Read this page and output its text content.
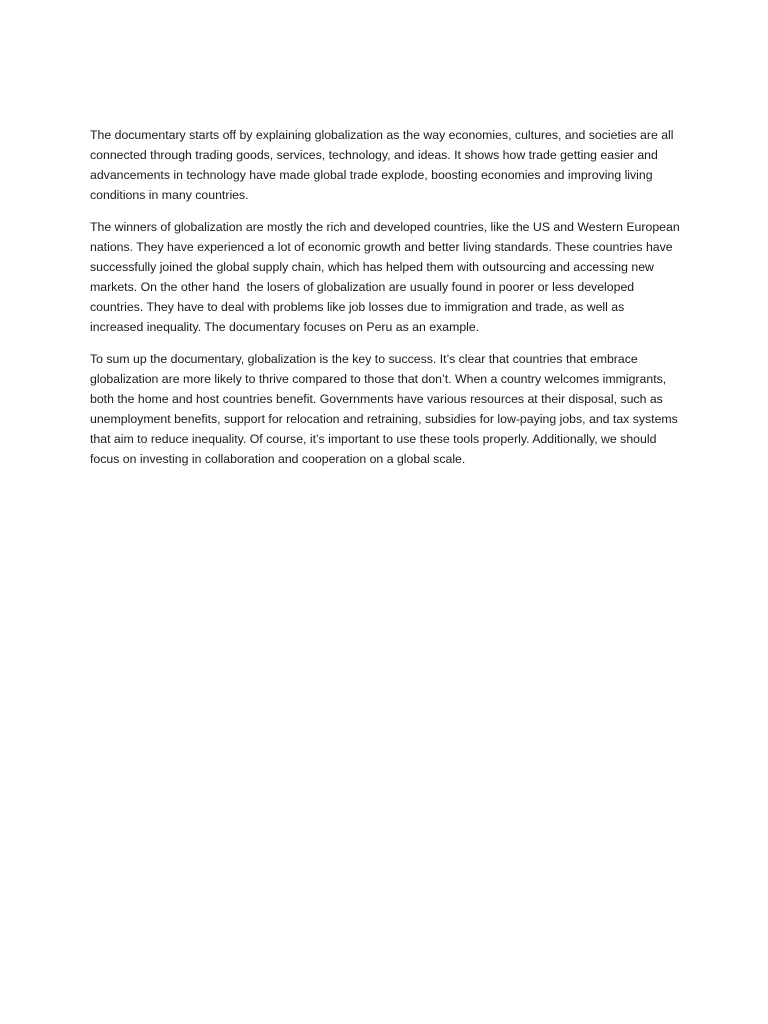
The documentary starts off by explaining globalization as the way economies, cultures, and societies are all connected through trading goods, services, technology, and ideas. It shows how trade getting easier and advancements in technology have made global trade explode, boosting economies and improving living conditions in many countries.

The winners of globalization are mostly the rich and developed countries, like the US and Western European nations. They have experienced a lot of economic growth and better living standards. These countries have successfully joined the global supply chain, which has helped them with outsourcing and accessing new markets. On the other hand  the losers of globalization are usually found in poorer or less developed countries. They have to deal with problems like job losses due to immigration and trade, as well as increased inequality. The documentary focuses on Peru as an example.

To sum up the documentary, globalization is the key to success. It’s clear that countries that embrace globalization are more likely to thrive compared to those that don’t. When a country welcomes immigrants, both the home and host countries benefit. Governments have various resources at their disposal, such as unemployment benefits, support for relocation and retraining, subsidies for low-paying jobs, and tax systems that aim to reduce inequality. Of course, it’s important to use these tools properly. Additionally, we should focus on investing in collaboration and cooperation on a global scale.
